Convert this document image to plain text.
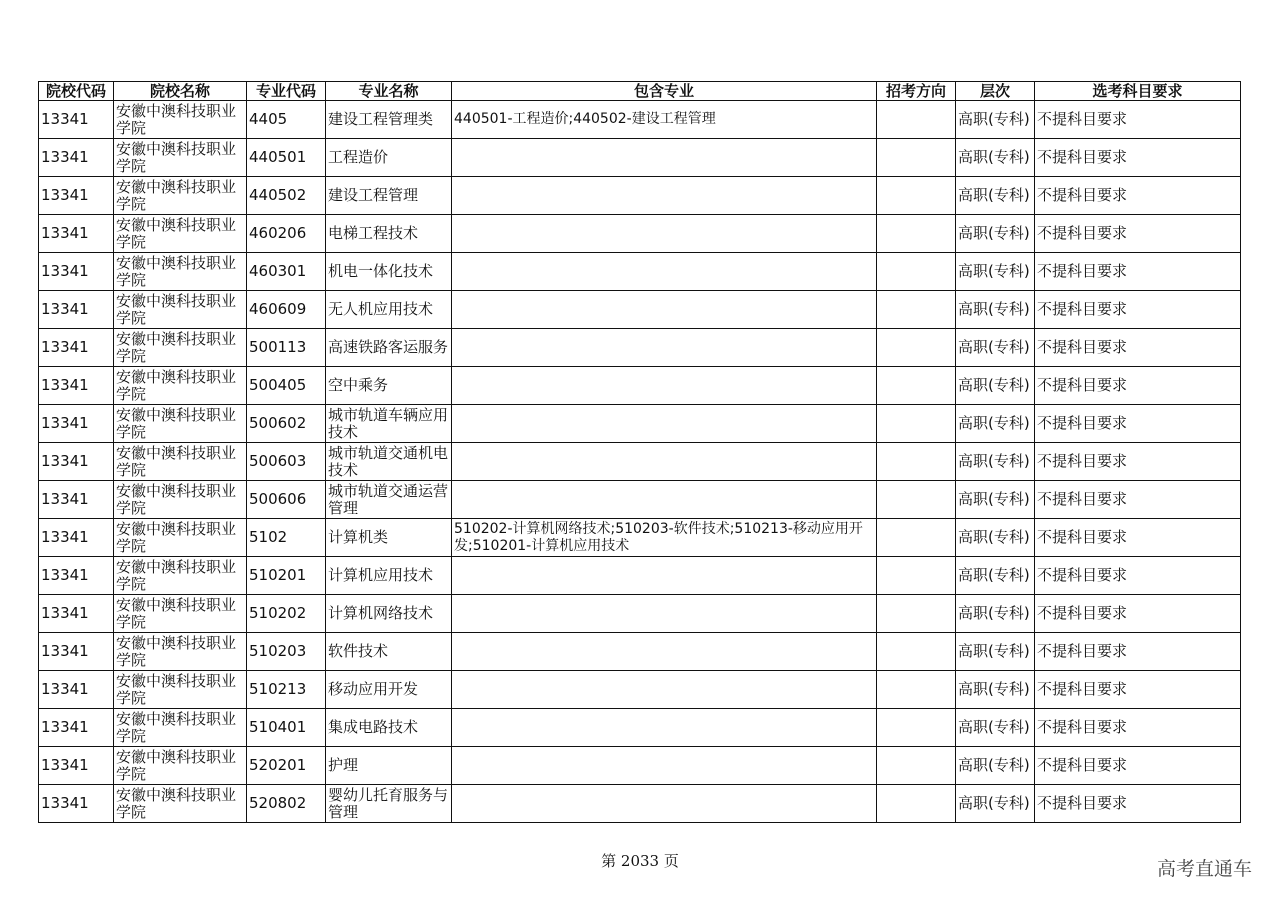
院校代码	院校名称	专业代码	专业名称	包含专业	招考方向	层次	选考科目要求
13341	安徽中澳科技职业学院	4405	建设工程管理类	440501-工程造价;440502-建设工程管理		高职(专科)	不提科目要求
13341	安徽中澳科技职业学院	440501	工程造价			高职(专科)	不提科目要求
13341	安徽中澳科技职业学院	440502	建设工程管理			高职(专科)	不提科目要求
13341	安徽中澳科技职业学院	460206	电梯工程技术			高职(专科)	不提科目要求
13341	安徽中澳科技职业学院	460301	机电一体化技术			高职(专科)	不提科目要求
13341	安徽中澳科技职业学院	460609	无人机应用技术			高职(专科)	不提科目要求
13341	安徽中澳科技职业学院	500113	高速铁路客运服务			高职(专科)	不提科目要求
13341	安徽中澳科技职业学院	500405	空中乘务			高职(专科)	不提科目要求
13341	安徽中澳科技职业学院	500602	城市轨道车辆应用技术			高职(专科)	不提科目要求
13341	安徽中澳科技职业学院	500603	城市轨道交通机电技术			高职(专科)	不提科目要求
13341	安徽中澳科技职业学院	500606	城市轨道交通运营管理			高职(专科)	不提科目要求
13341	安徽中澳科技职业学院	5102	计算机类	510202-计算机网络技术;510203-软件技术;510213-移动应用开发;510201-计算机应用技术		高职(专科)	不提科目要求
13341	安徽中澳科技职业学院	510201	计算机应用技术			高职(专科)	不提科目要求
13341	安徽中澳科技职业学院	510202	计算机网络技术			高职(专科)	不提科目要求
13341	安徽中澳科技职业学院	510203	软件技术			高职(专科)	不提科目要求
13341	安徽中澳科技职业学院	510213	移动应用开发			高职(专科)	不提科目要求
13341	安徽中澳科技职业学院	510401	集成电路技术			高职(专科)	不提科目要求
13341	安徽中澳科技职业学院	520201	护理			高职(专科)	不提科目要求
13341	安徽中澳科技职业学院	520802	婴幼儿托育服务与管理			高职(专科)	不提科目要求
第 2033 页	高考直通车
